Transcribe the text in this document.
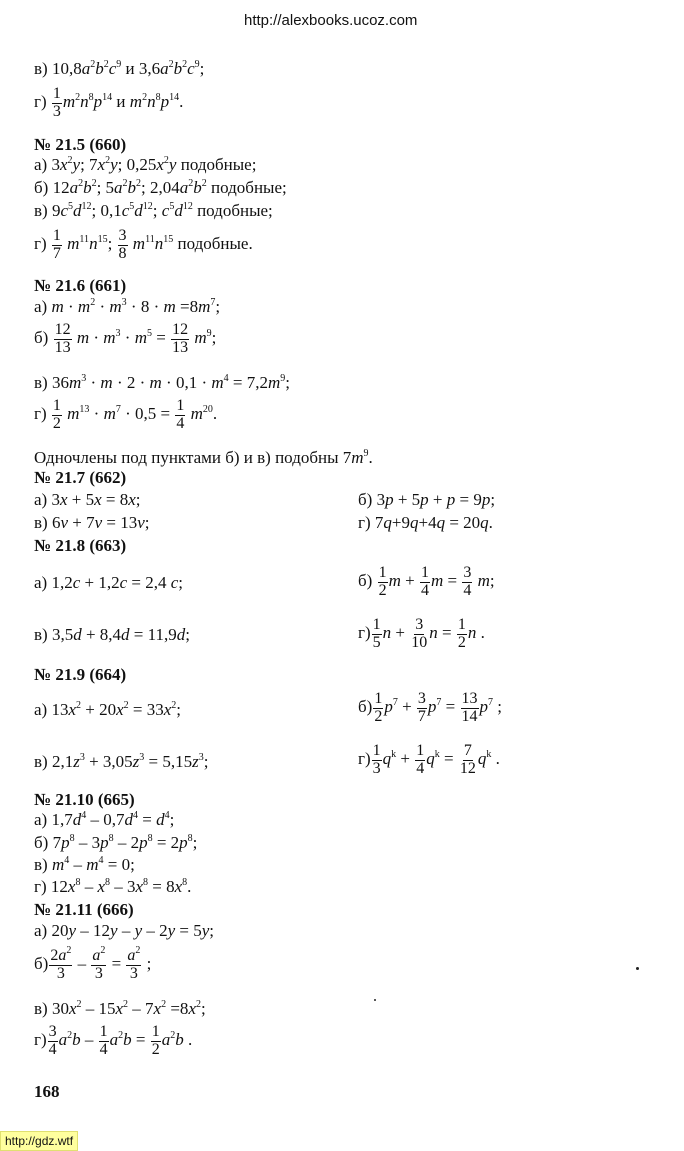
http://alexbooks.ucoz.com
в) $10,8a^2b^2c^9$ и $3,6a^2b^2c^9$;
$г) \frac{1}{3} m^2n^8p^{14}$ и $m^2n^8p^{14}$.
№ 21.5 (660)
а) $3x^2y$; $7x^2y$; $0,25x^2y$ подобные;
б) $12a^2b^2$; $5a^2b^2$; $2,04a^2b^2$ подобные;
в) $9c^5d^{12}$; $0,1c^5d^{12}$; $c^5d^{12}$ подобные;
$г) \frac{1}{7} m^{11}n^{15}$; $\frac{3}{8} m^{11}n^{15}$ подобные.
№ 21.6 (661)
а) $m \cdot m^2 \cdot m^3 \cdot 8 \cdot m =8m^7$;
$б) \frac{12}{13}$ $m \cdot m^3 \cdot m^5 = \frac{12}{13} m^9$;
в) $36m^3 \cdot m \cdot 2 \cdot m \cdot 0,1 \cdot m^4 = 7,2m^9$;
$г) \frac{1}{2} m^{13} \cdot m^7 \cdot 0,5 = \frac{1}{4} m^{20}$.
Одночлены под пунктами б) и в) подобны $7m^9$.
№ 21.7 (662)
а) 3x + 5x = 8x;	б) 3p + 5p + p = 9p;
в) 6v + 7v = 13v;	г) 7q+9q+4q = 20q.
№ 21.8 (663)
а) 1,2c + 1,2c = 2,4 c;	$б) \frac{1}{2}$ $m + \frac{1}{4}$ $m = \frac{3}{4} m$;
в) 3,5d + 8,4d = 11,9d;	$г) \frac{1}{5}$ $n + \frac{3}{10}$ $n = \frac{1}{2}$ n .
№ 21.9 (664)
а) $13x^2 + 20x^2 = 33x^2$;	$б) \frac{1}{2} p^7 + \frac{3}{7} p^7 = \frac{13}{14} p^7$ ;
в) $2,1z^3 + 3,05z^3 = 5,15z^3$;	$г) \frac{1}{3} q^k + \frac{1}{4} q^k = \frac{7}{12} q^k$ .
№ 21.10 (665)
а) $1,7d^4 - 0,7d^4 = d^4$;
б) $7p^8 - 3p^8 - 2p^8 = 2p^8$;
в) $m^4 - m^4 = 0$;
г) $12x^8 - x^8 - 3x^8 = 8x^8$.
№ 21.11 (666)
а) 20y – 12y – y – 2y = 5y;
$б) \frac{2a^2}{3} - \frac{a^2}{3} = \frac{a^2}{3}$ ;
в) $30x^2 - 15x^2 - 7x^2 =8x^2$;
$г) \frac{3}{4} a^2b - \frac{1}{4} a^2b = \frac{1}{2} a^2b$ .
168
http://gdz.wtf
